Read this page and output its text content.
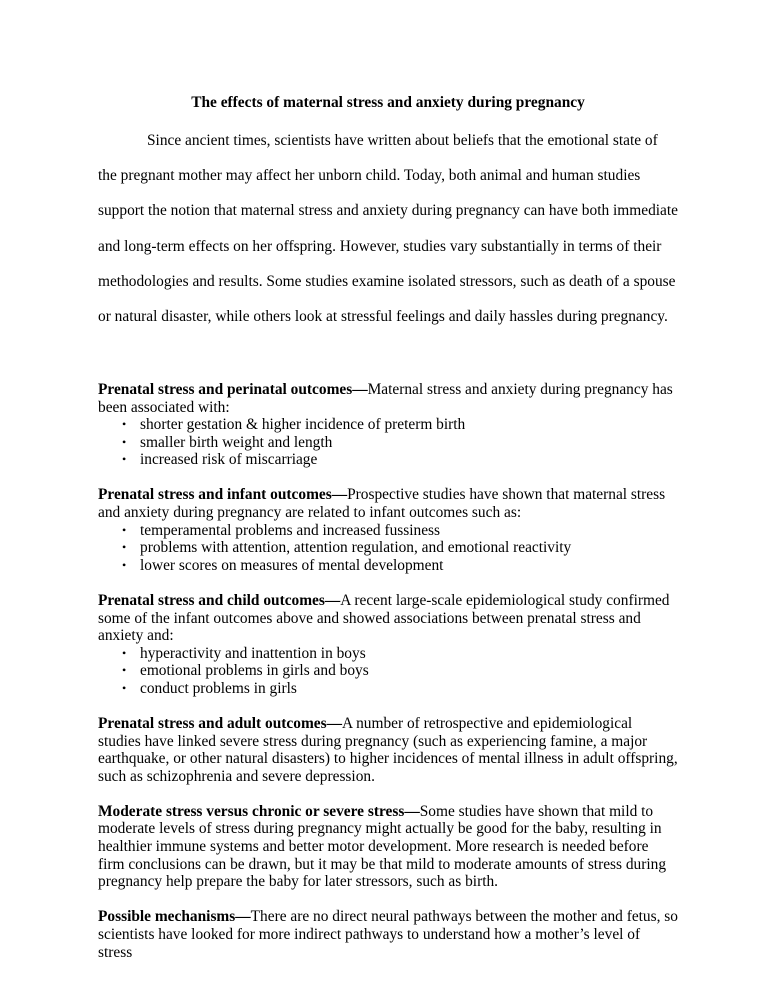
The effects of maternal stress and anxiety during pregnancy

Since ancient times, scientists have written about beliefs that the emotional state of the pregnant mother may affect her unborn child. Today, both animal and human studies support the notion that maternal stress and anxiety during pregnancy can have both immediate and long-term effects on her offspring. However, studies vary substantially in terms of their methodologies and results. Some studies examine isolated stressors, such as death of a spouse or natural disaster, while others look at stressful feelings and daily hassles during pregnancy.

Prenatal stress and perinatal outcomes—Maternal stress and anxiety during pregnancy has been associated with:

• shorter gestation & higher incidence of preterm birth
• smaller birth weight and length
• increased risk of miscarriage

Prenatal stress and infant outcomes—Prospective studies have shown that maternal stress and anxiety during pregnancy are related to infant outcomes such as:

• temperamental problems and increased fussiness
• problems with attention, attention regulation, and emotional reactivity
• lower scores on measures of mental development

Prenatal stress and child outcomes—A recent large-scale epidemiological study confirmed some of the infant outcomes above and showed associations between prenatal stress and anxiety and:

• hyperactivity and inattention in boys
• emotional problems in girls and boys
• conduct problems in girls

Prenatal stress and adult outcomes—A number of retrospective and epidemiological studies have linked severe stress during pregnancy (such as experiencing famine, a major earthquake, or other natural disasters) to higher incidences of mental illness in adult offspring, such as schizophrenia and severe depression.

Moderate stress versus chronic or severe stress—Some studies have shown that mild to moderate levels of stress during pregnancy might actually be good for the baby, resulting in healthier immune systems and better motor development. More research is needed before firm conclusions can be drawn, but it may be that mild to moderate amounts of stress during pregnancy help prepare the baby for later stressors, such as birth.

Possible mechanisms—There are no direct neural pathways between the mother and fetus, so scientists have looked for more indirect pathways to understand how a mother’s level of stress
